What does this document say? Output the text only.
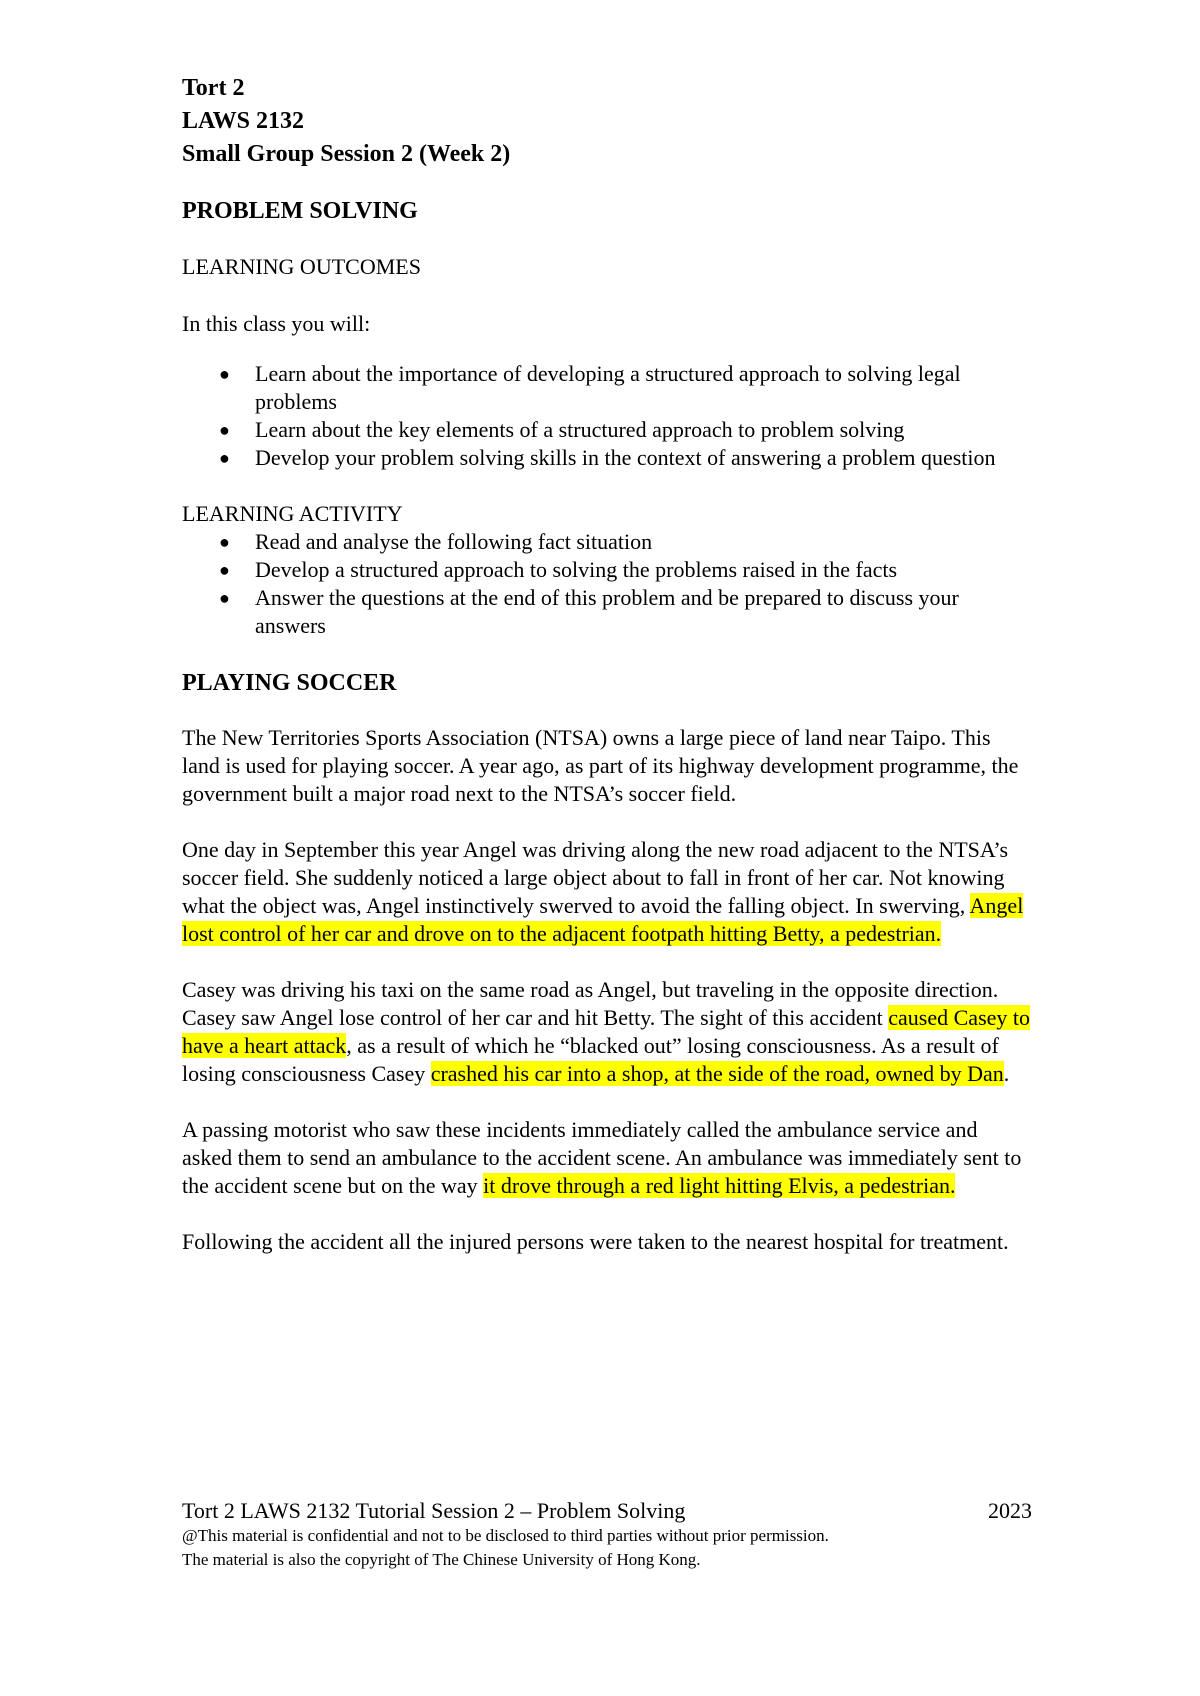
Tort 2

LAWS 2132

Small Group Session 2 (Week 2)

PROBLEM SOLVING

LEARNING OUTCOMES

In this class you will:

● Learn about the importance of developing a structured approach to solving legal problems
● Learn about the key elements of a structured approach to problem solving
● Develop your problem solving skills in the context of answering a problem question

LEARNING ACTIVITY

● Read and analyse the following fact situation
● Develop a structured approach to solving the problems raised in the facts
● Answer the questions at the end of this problem and be prepared to discuss your answers

PLAYING SOCCER

The New Territories Sports Association (NTSA) owns a large piece of land near Taipo. This land is used for playing soccer. A year ago, as part of its highway development programme, the government built a major road next to the NTSA’s soccer field.

One day in September this year Angel was driving along the new road adjacent to the NTSA’s soccer field. She suddenly noticed a large object about to fall in front of her car. Not knowing what the object was, Angel instinctively swerved to avoid the falling object. In swerving, Angel lost control of her car and drove on to the adjacent footpath hitting Betty, a pedestrian.

Casey was driving his taxi on the same road as Angel, but traveling in the opposite direction. Casey saw Angel lose control of her car and hit Betty. The sight of this accident caused Casey to have a heart attack, as a result of which he “blacked out” losing consciousness. As a result of losing consciousness Casey crashed his car into a shop, at the side of the road, owned by Dan.

A passing motorist who saw these incidents immediately called the ambulance service and asked them to send an ambulance to the accident scene. An ambulance was immediately sent to the accident scene but on the way it drove through a red light hitting Elvis, a pedestrian.

Following the accident all the injured persons were taken to the nearest hospital for treatment.

Tort 2 LAWS 2132 Tutorial Session 2 – Problem Solving	2023

@This material is confidential and not to be disclosed to third parties without prior permission.

The material is also the copyright of The Chinese University of Hong Kong.
